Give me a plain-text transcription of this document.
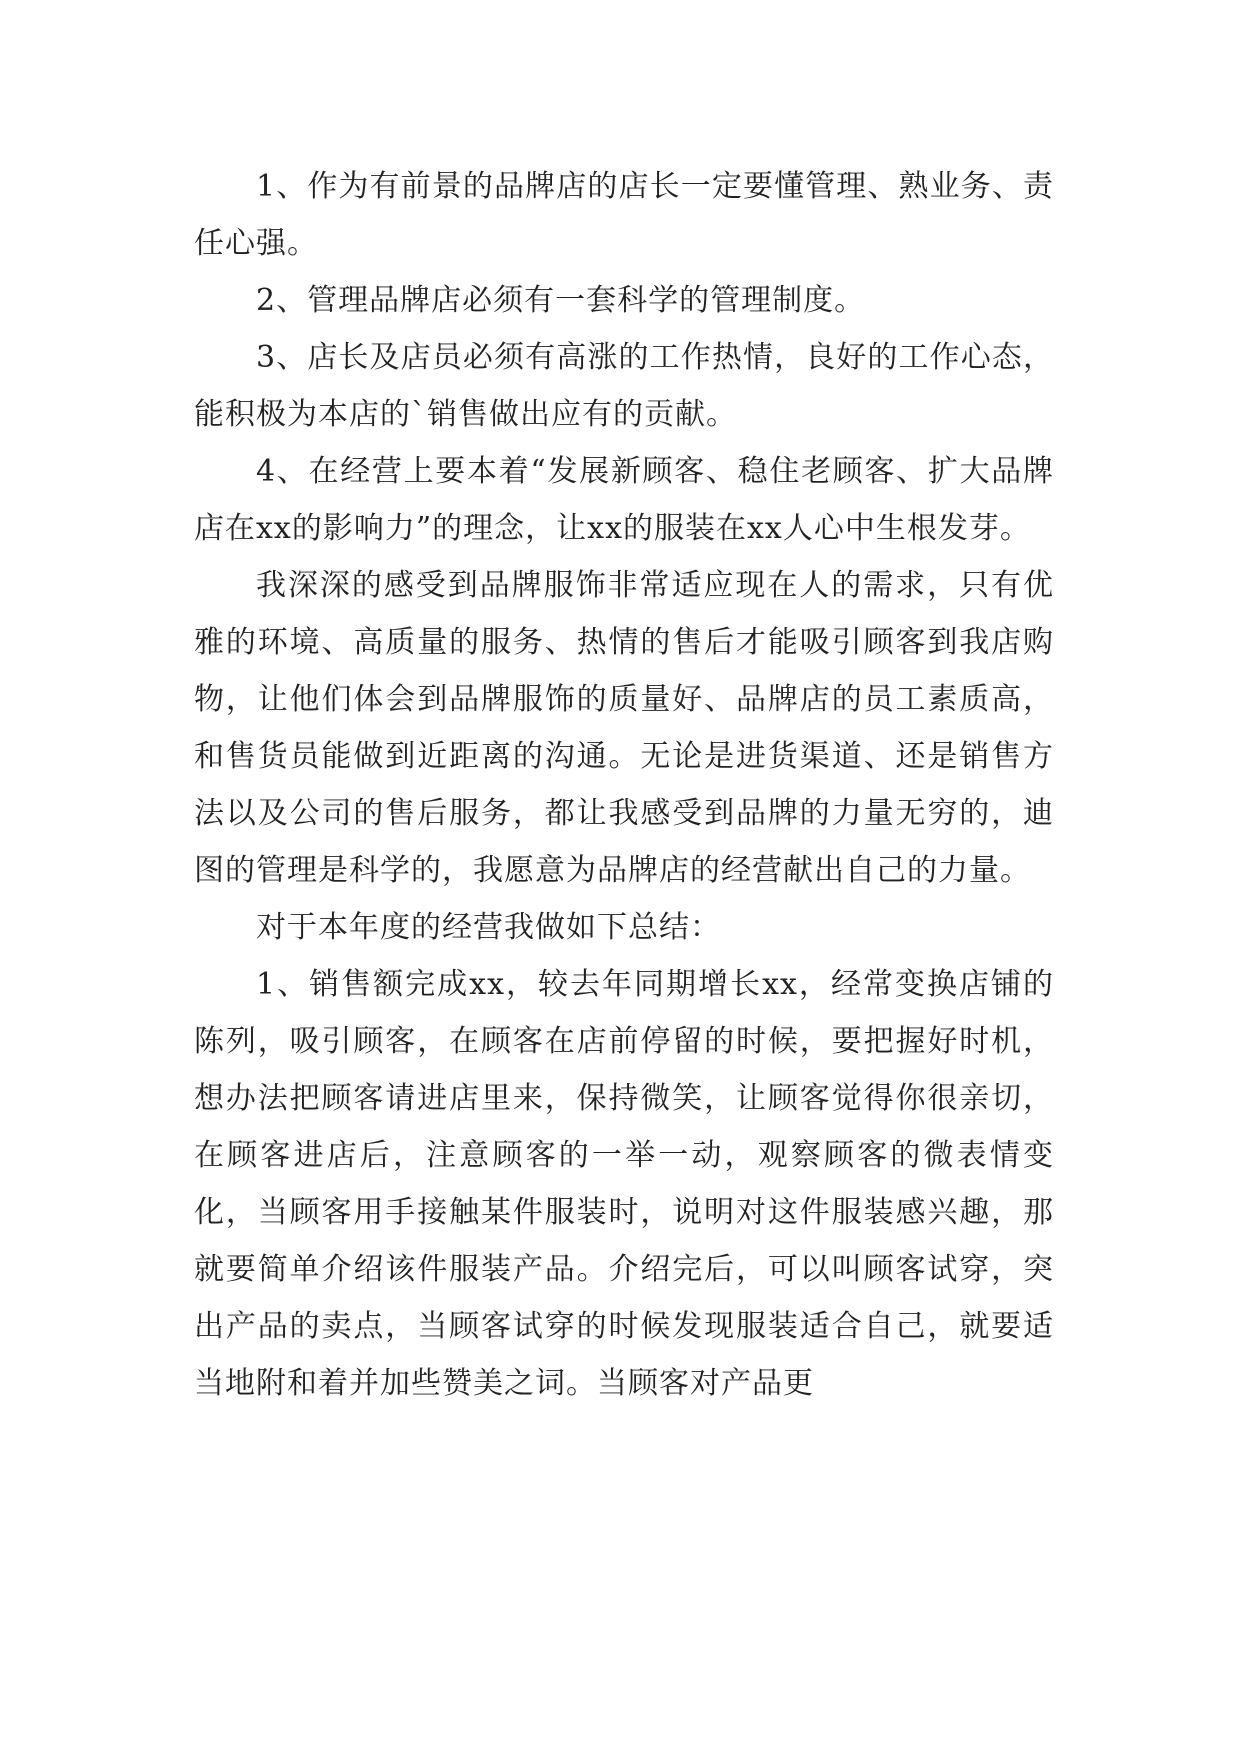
1、作为有前景的品牌店的店长一定要懂管理、熟业务、责任心强。

2、管理品牌店必须有一套科学的管理制度。

3、店长及店员必须有高涨的工作热情，良好的工作心态，能积极为本店的`销售做出应有的贡献。

4、在经营上要本着“发展新顾客、稳住老顾客、扩大品牌店在xx的影响力”的理念，让xx的服装在xx人心中生根发芽。

我深深的感受到品牌服饰非常适应现在人的需求，只有优雅的环境、高质量的服务、热情的售后才能吸引顾客到我店购物，让他们体会到品牌服饰的质量好、品牌店的员工素质高，和售货员能做到近距离的沟通。无论是进货渠道、还是销售方法以及公司的售后服务，都让我感受到品牌的力量无穷的，迪图的管理是科学的，我愿意为品牌店的经营献出自己的力量。

对于本年度的经营我做如下总结：

1、销售额完成xx，较去年同期增长xx，经常变换店铺的陈列，吸引顾客，在顾客在店前停留的时候，要把握好时机，想办法把顾客请进店里来，保持微笑，让顾客觉得你很亲切，在顾客进店后，注意顾客的一举一动，观察顾客的微表情变化，当顾客用手接触某件服装时，说明对这件服装感兴趣，那就要简单介绍该件服装产品。介绍完后，可以叫顾客试穿，突出产品的卖点，当顾客试穿的时候发现服装适合自己，就要适当地附和着并加些赞美之词。当顾客对产品更
